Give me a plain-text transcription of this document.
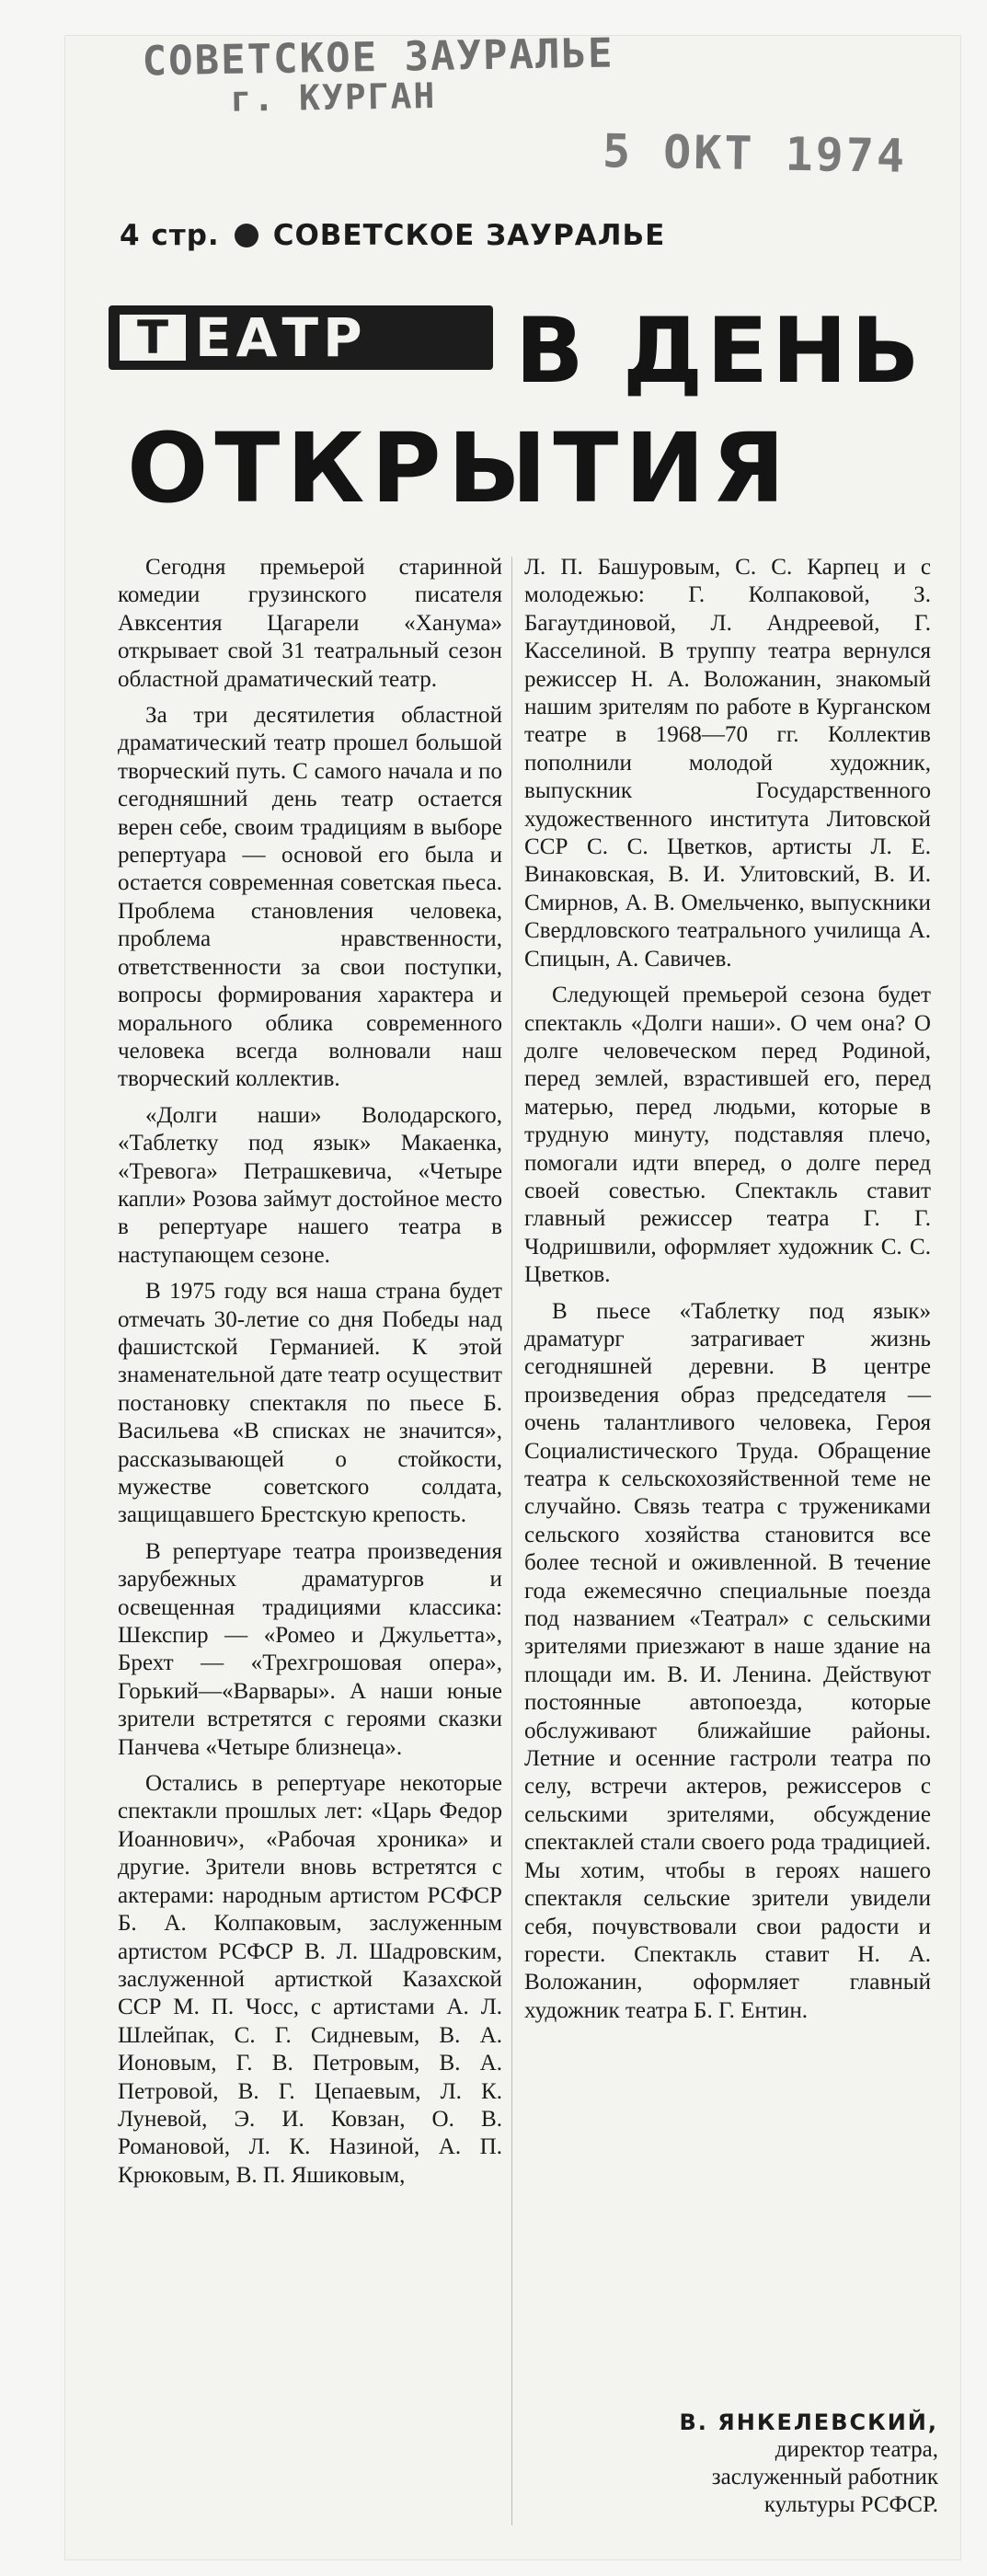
СОВЕТСКОЕ ЗАУРАЛЬЕ
г. КУРГАН
5 ОКТ 1974
4 стр. СОВЕТСКОЕ ЗАУРАЛЬЕ
Т ЕАТР В ДЕНЬ
ОТКРЫТИЯ

Сегодня премьерой старинной комедии грузинского писателя Авксентия Цагарели «Ханума» открывает свой 31 театральный сезон областной драматический театр.

За три десятилетия областной драматический театр прошел большой творческий путь. С самого начала и по сегодняшний день театр остается верен себе, своим традициям в выборе репертуара — основой его была и остается современная советская пьеса. Проблема становления человека, проблема нравственности, ответственности за свои поступки, вопросы формирования характера и морального облика современного человека всегда волновали наш творческий коллектив.

«Долги наши» Володарского, «Таблетку под язык» Макаенка, «Тревога» Петрашкевича, «Четыре капли» Розова займут достойное место в репертуаре нашего театра в наступающем сезоне.

В 1975 году вся наша страна будет отмечать 30-летие со дня Победы над фашистской Германией. К этой знаменательной дате театр осуществит постановку спектакля по пьесе Б. Васильева «В списках не значится», рассказывающей о стойкости, мужестве советского солдата, защищавшего Брестскую крепость.

В репертуаре театра произведения зарубежных драматургов и освещенная традициями классика: Шекспир — «Ромео и Джульетта», Брехт — «Трехгрошовая опера», Горький—«Варвары». А наши юные зрители встретятся с героями сказки Панчева «Четыре близнеца».

Остались в репертуаре некоторые спектакли прошлых лет: «Царь Федор Иоаннович», «Рабочая хроника» и другие. Зрители вновь встретятся с актерами: народным артистом РСФСР Б. А. Колпаковым, заслуженным артистом РСФСР В. Л. Шадровским, заслуженной артисткой Казахской ССР М. П. Чосс, с артистами А. Л. Шлейпак, С. Г. Сидневым, В. А. Ионовым, Г. В. Петровым, В. А. Петровой, В. Г. Цепаевым, Л. К. Луневой, Э. И. Ковзан, О. В. Романовой, Л. К. Назиной, А. П. Крюковым, В. П. Яшиковым,

Л. П. Башуровым, С. С. Карпец и с молодежью: Г. Колпаковой, З. Багаутдиновой, Л. Андреевой, Г. Касселиной. В труппу театра вернулся режиссер Н. А. Воложанин, знакомый нашим зрителям по работе в Курганском театре в 1968—70 гг. Коллектив пополнили молодой художник, выпускник Государственного художественного института Литовской ССР С. С. Цветков, артисты Л. Е. Винаковская, В. И. Улитовский, В. И. Смирнов, А. В. Омельченко, выпускники Свердловского театрального училища А. Спицын, А. Савичев.

Следующей премьерой сезона будет спектакль «Долги наши». О чем она? О долге человеческом перед Родиной, перед землей, взрастившей его, перед матерью, перед людьми, которые в трудную минуту, подставляя плечо, помогали идти вперед, о долге перед своей совестью. Спектакль ставит главный режиссер театра Г. Г. Чодришвили, оформляет художник С. С. Цветков.

В пьесе «Таблетку под язык» драматург затрагивает жизнь сегодняшней деревни. В центре произведения образ председателя — очень талантливого человека, Героя Социалистического Труда. Обращение театра к сельскохозяйственной теме не случайно. Связь театра с тружениками сельского хозяйства становится все более тесной и оживленной. В течение года ежемесячно специальные поезда под названием «Театрал» с сельскими зрителями приезжают в наше здание на площади им. В. И. Ленина. Действуют постоянные автопоезда, которые обслуживают ближайшие районы. Летние и осенние гастроли театра по селу, встречи актеров, режиссеров с сельскими зрителями, обсуждение спектаклей стали своего рода традицией. Мы хотим, чтобы в героях нашего спектакля сельские зрители увидели себя, почувствовали свои радости и горести. Спектакль ставит Н. А. Воложанин, оформляет главный художник театра Б. Г. Ентин.

В. ЯНКЕЛЕВСКИЙ,
директор театра,
заслуженный работник
культуры РСФСР.
